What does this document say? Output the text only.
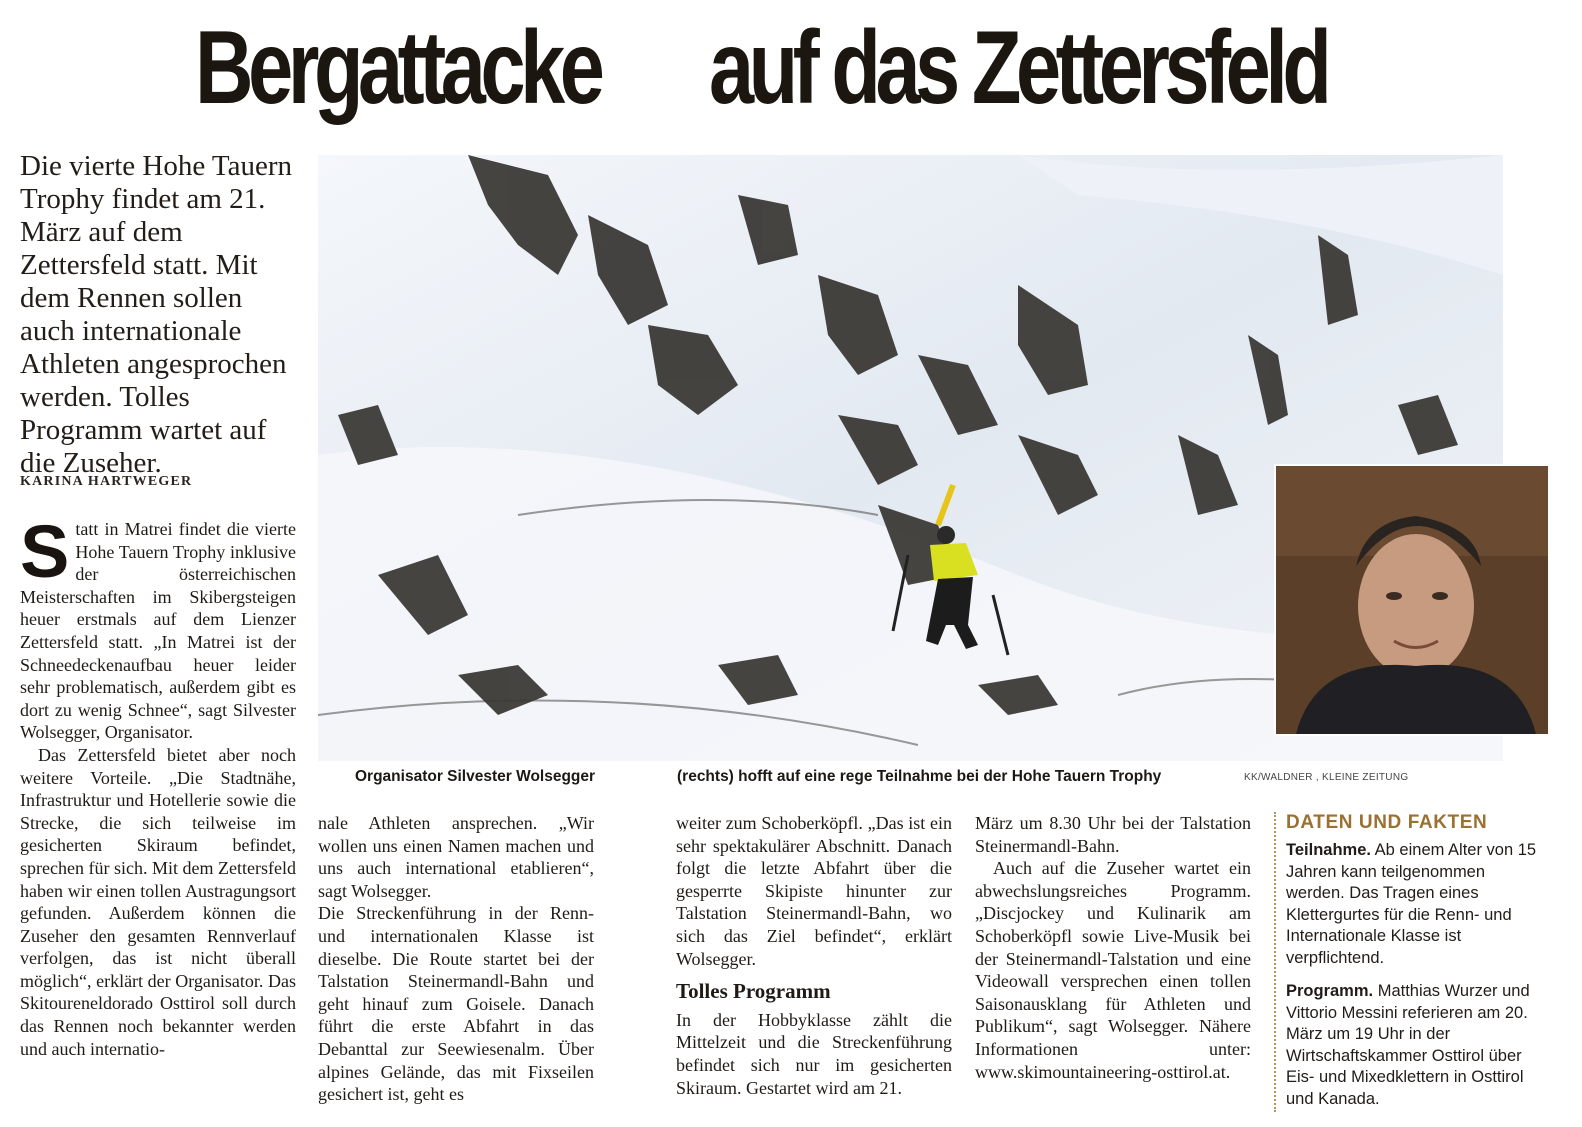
Bergattacke auf das Zettersfeld
Die vierte Hohe Tauern Trophy findet am 21. März auf dem Zettersfeld statt. Mit dem Rennen sollen auch internationale Athleten angesprochen werden. Tolles Programm wartet auf die Zuseher.
KARINA HARTWEGER

Statt in Matrei findet die vierte Hohe Tauern Trophy inklusive der österreichischen Meisterschaften im Skibergsteigen heuer erstmals auf dem Lienzer Zettersfeld statt. „In Matrei ist der Schneedeckenaufbau heuer leider sehr problematisch, außerdem gibt es dort zu wenig Schnee“, sagt Silvester Wolsegger, Organisator.

Das Zettersfeld bietet aber noch weitere Vorteile. „Die Stadtnähe, Infrastruktur und Hotellerie sowie die Strecke, die sich teilweise im gesicherten Skiraum befindet, sprechen für sich. Mit dem Zettersfeld haben wir einen tollen Austragungsort gefunden. Außerdem können die Zuseher den gesamten Rennverlauf verfolgen, das ist nicht überall möglich“, erklärt der Organisator. Das Skitoureneldorado Osttirol soll durch das Rennen noch bekannter werden und auch internatio-

Organisator Silvester Wolsegger	(rechts) hofft auf eine rege Teilnahme bei der Hohe Tauern Trophy	KK/WALDNER , KLEINE ZEITUNG

nale Athleten ansprechen. „Wir wollen uns einen Namen machen und uns auch international etablieren“, sagt Wolsegger.

Die Streckenführung in der Renn- und internationalen Klasse ist dieselbe. Die Route startet bei der Talstation Steinermandl-Bahn und geht hinauf zum Goisele. Danach führt die erste Abfahrt in das Debanttal zur Seewiesenalm. Über alpines Gelände, das mit Fixseilen gesichert ist, geht es

weiter zum Schoberköpfl. „Das ist ein sehr spektakulärer Abschnitt. Danach folgt die letzte Abfahrt über die gesperrte Skipiste hinunter zur Talstation Steinermandl-Bahn, wo sich das Ziel befindet“, erklärt Wolsegger.

Tolles Programm

In der Hobbyklasse zählt die Mittelzeit und die Streckenführung befindet sich nur im gesicherten Skiraum. Gestartet wird am 21.

März um 8.30 Uhr bei der Talstation Steinermandl-Bahn.

Auch auf die Zuseher wartet ein abwechslungsreiches Programm. „Discjockey und Kulinarik am Schoberköpfl sowie Live-Musik bei der Steinermandl-Talstation und eine Videowall versprechen einen tollen Saisonausklang für Athleten und Publikum“, sagt Wolsegger. Nähere Informationen unter: www.skimountaineering-osttirol.at.

DATEN UND FAKTEN

Teilnahme. Ab einem Alter von 15 Jahren kann teilgenommen werden. Das Tragen eines Klettergurtes für die Renn- und Internationale Klasse ist verpflichtend.

Programm. Matthias Wurzer und Vittorio Messini referieren am 20. März um 19 Uhr in der Wirtschaftskammer Osttirol über Eis- und Mixedklettern in Osttirol und Kanada.
